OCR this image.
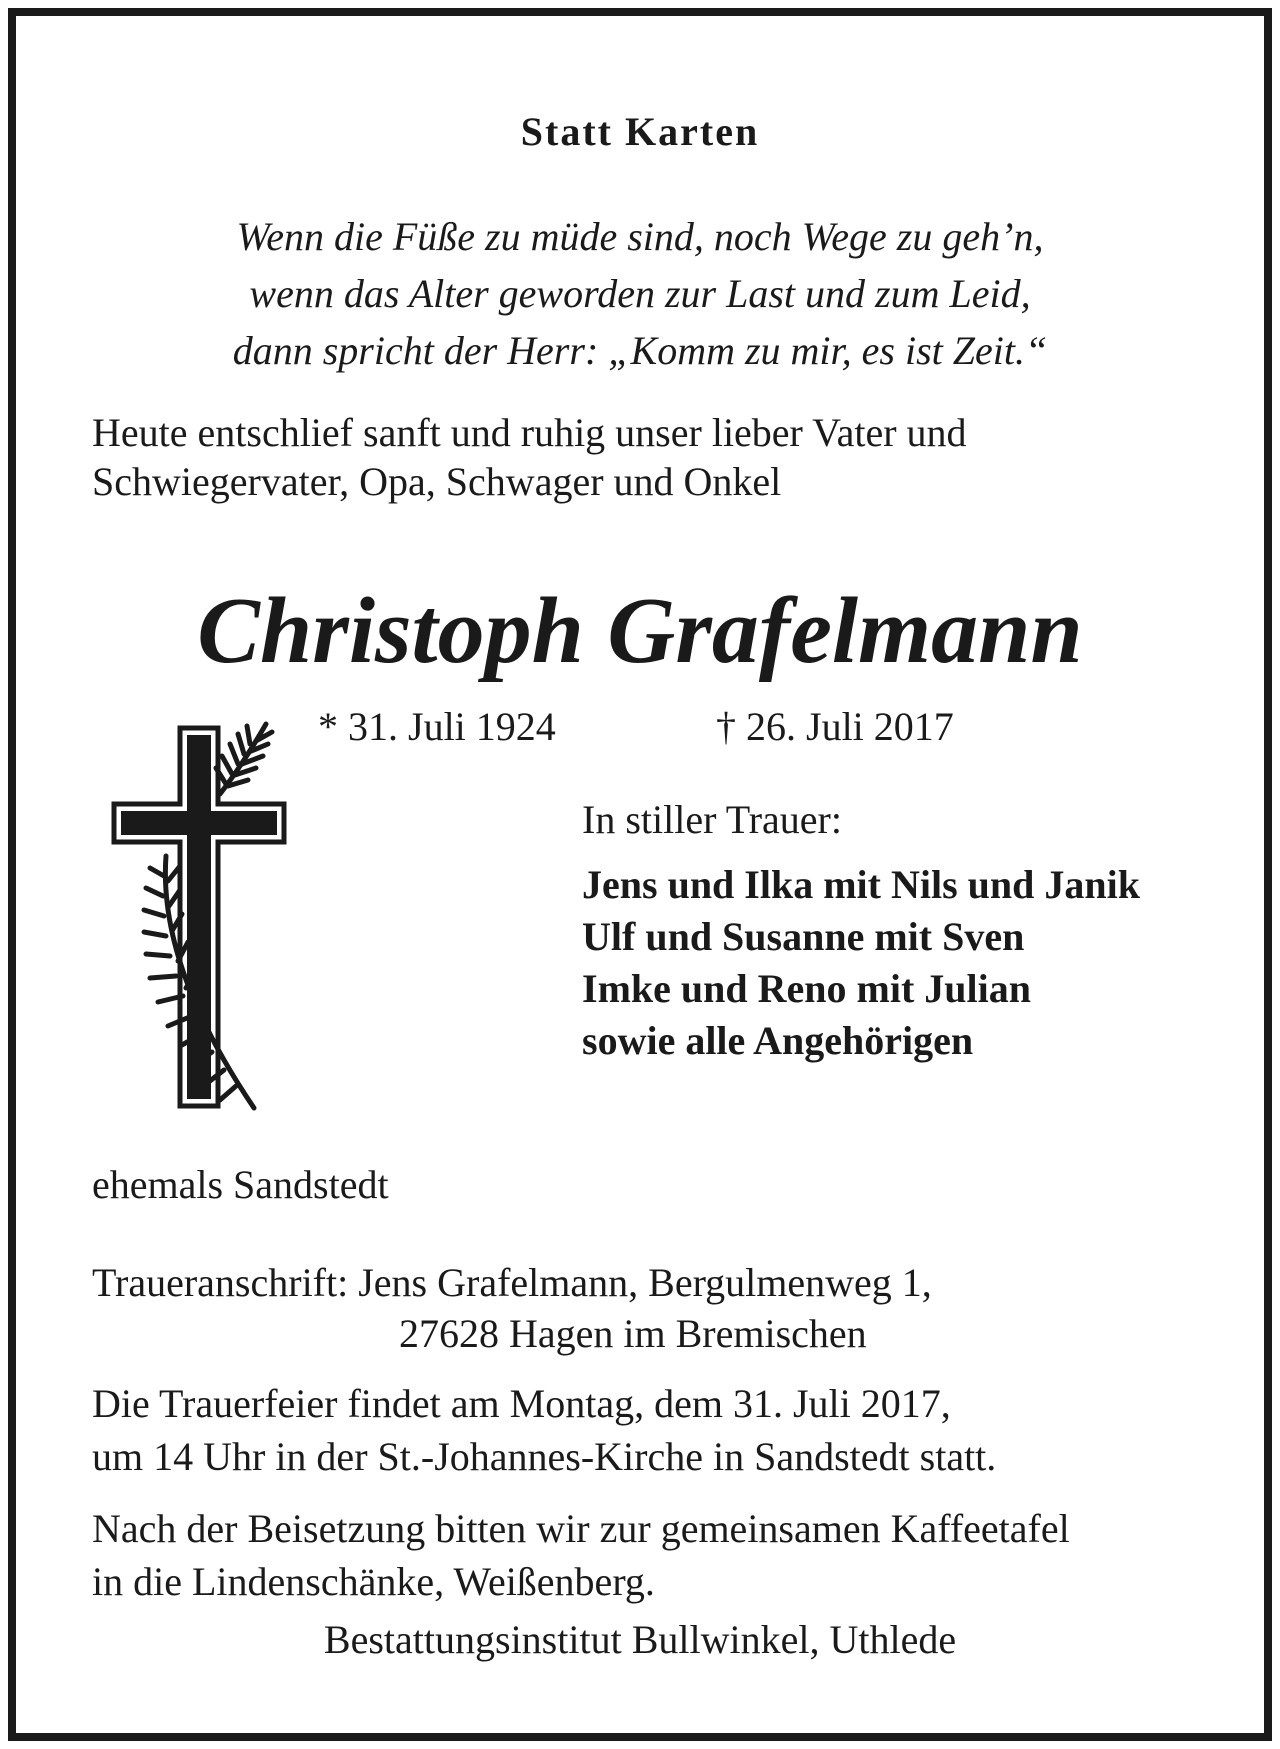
Statt Karten
Wenn die Füße zu müde sind, noch Wege zu geh’n,
wenn das Alter geworden zur Last und zum Leid,
dann spricht der Herr: „Komm zu mir, es ist Zeit.“
Heute entschlief sanft und ruhig unser lieber Vater und
Schwiegervater, Opa, Schwager und Onkel
Christoph Grafelmann
* 31. Juli 1924	† 26. Juli 2017
In stiller Trauer:
Jens und Ilka mit Nils und Janik
Ulf und Susanne mit Sven
Imke und Reno mit Julian
sowie alle Angehörigen
ehemals Sandstedt
Traueranschrift: Jens Grafelmann, Bergulmenweg 1,
27628 Hagen im Bremischen
Die Trauerfeier findet am Montag, dem 31. Juli 2017,
um 14 Uhr in der St.-Johannes-Kirche in Sandstedt statt.
Nach der Beisetzung bitten wir zur gemeinsamen Kaffeetafel
in die Lindenschänke, Weißenberg.
Bestattungsinstitut Bullwinkel, Uthlede
